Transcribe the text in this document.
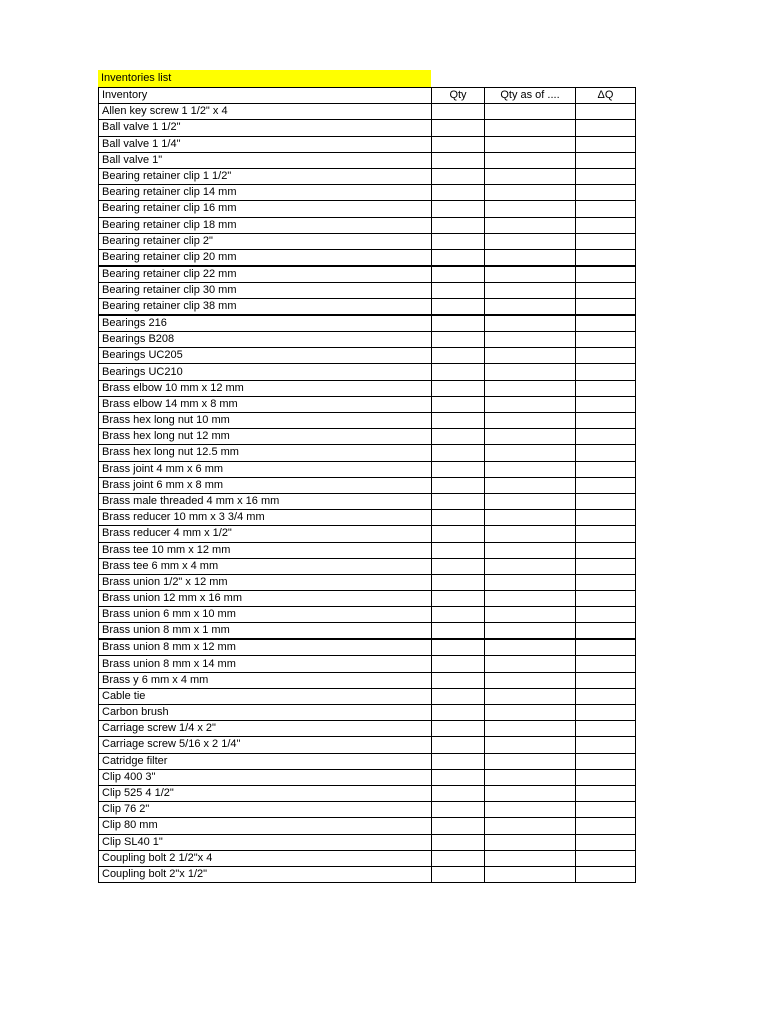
Inventories list
Inventory	Qty	Qty as of ....	ΔQ
Allen key screw 1 1/2" x 4			
Ball valve 1 1/2"			
Ball valve 1 1/4"			
Ball valve 1"			
Bearing retainer clip 1 1/2"			
Bearing retainer clip 14 mm			
Bearing retainer clip 16 mm			
Bearing retainer clip 18 mm			
Bearing retainer clip 2"			
Bearing retainer clip 20 mm			
Bearing retainer clip 22 mm			
Bearing retainer clip 30 mm			
Bearing retainer clip 38 mm			
Bearings 216			
Bearings B208			
Bearings UC205			
Bearings UC210			
Brass elbow 10 mm x 12 mm			
Brass elbow 14 mm x 8 mm			
Brass hex long nut 10 mm			
Brass hex long nut 12 mm			
Brass hex long nut 12.5 mm			
Brass joint 4 mm x 6 mm			
Brass joint 6 mm x 8 mm			
Brass male threaded 4 mm x 16 mm			
Brass reducer 10 mm x 3 3/4 mm			
Brass reducer 4 mm x 1/2"			
Brass tee 10 mm x 12 mm			
Brass tee 6 mm x 4 mm			
Brass union 1/2" x 12 mm			
Brass union 12 mm x 16 mm			
Brass union 6 mm x 10 mm			
Brass union 8 mm x 1 mm			
Brass union 8 mm x 12 mm			
Brass union 8 mm x 14 mm			
Brass y 6 mm x 4 mm			
Cable tie			
Carbon brush			
Carriage screw 1/4 x 2"			
Carriage screw 5/16 x 2 1/4"			
Catridge filter			
Clip 400 3"			
Clip 525 4 1/2"			
Clip 76 2"			
Clip 80 mm			
Clip SL40 1"			
Coupling bolt 2 1/2"x 4			
Coupling bolt 2"x 1/2"			
